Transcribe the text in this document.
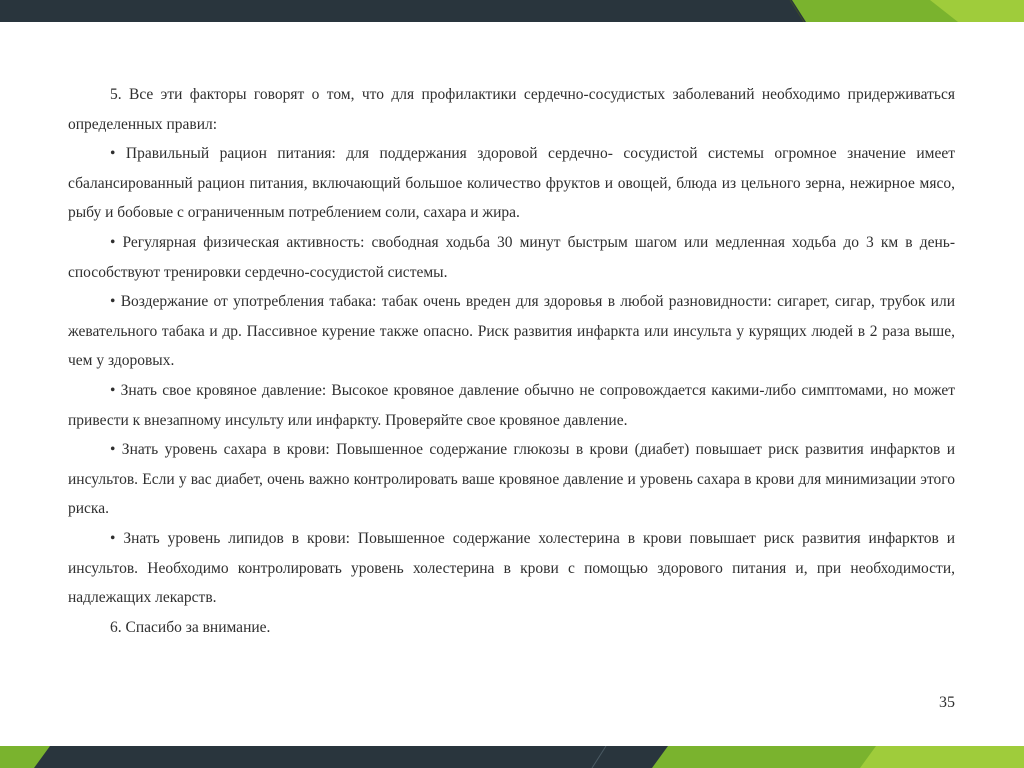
5. Все эти факторы говорят о том, что для профилактики сердечно-сосудистых заболеваний необходимо придерживаться определенных правил:

• Правильный рацион питания: для поддержания здоровой сердечно- сосудистой системы огромное значение имеет сбалансированный рацион питания, включающий большое количество фруктов и овощей, блюда из цельного зерна, нежирное мясо, рыбу и бобовые с ограниченным потреблением соли, сахара и жира.

• Регулярная физическая активность: свободная ходьба 30 минут быстрым шагом или медленная ходьба до 3 км в день- способствуют тренировки сердечно-сосудистой системы.

• Воздержание от употребления табака: табак очень вреден для здоровья в любой разновидности: сигарет, сигар, трубок или жевательного табака и др. Пассивное курение также опасно. Риск развития инфаркта или инсульта у курящих людей в 2 раза выше, чем у здоровых.

• Знать свое кровяное давление: Высокое кровяное давление обычно не сопровождается какими-либо симптомами, но может привести к внезапному инсульту или инфаркту. Проверяйте свое кровяное давление.

• Знать уровень сахара в крови: Повышенное содержание глюкозы в крови (диабет) повышает риск развития инфарктов и инсультов. Если у вас диабет, очень важно контролировать ваше кровяное давление и уровень сахара в крови для минимизации этого риска.

• Знать уровень липидов в крови: Повышенное содержание холестерина в крови повышает риск развития инфарктов и инсультов. Необходимо контролировать уровень холестерина в крови с помощью здорового питания и, при необходимости, надлежащих лекарств.

6. Спасибо за внимание.

35
